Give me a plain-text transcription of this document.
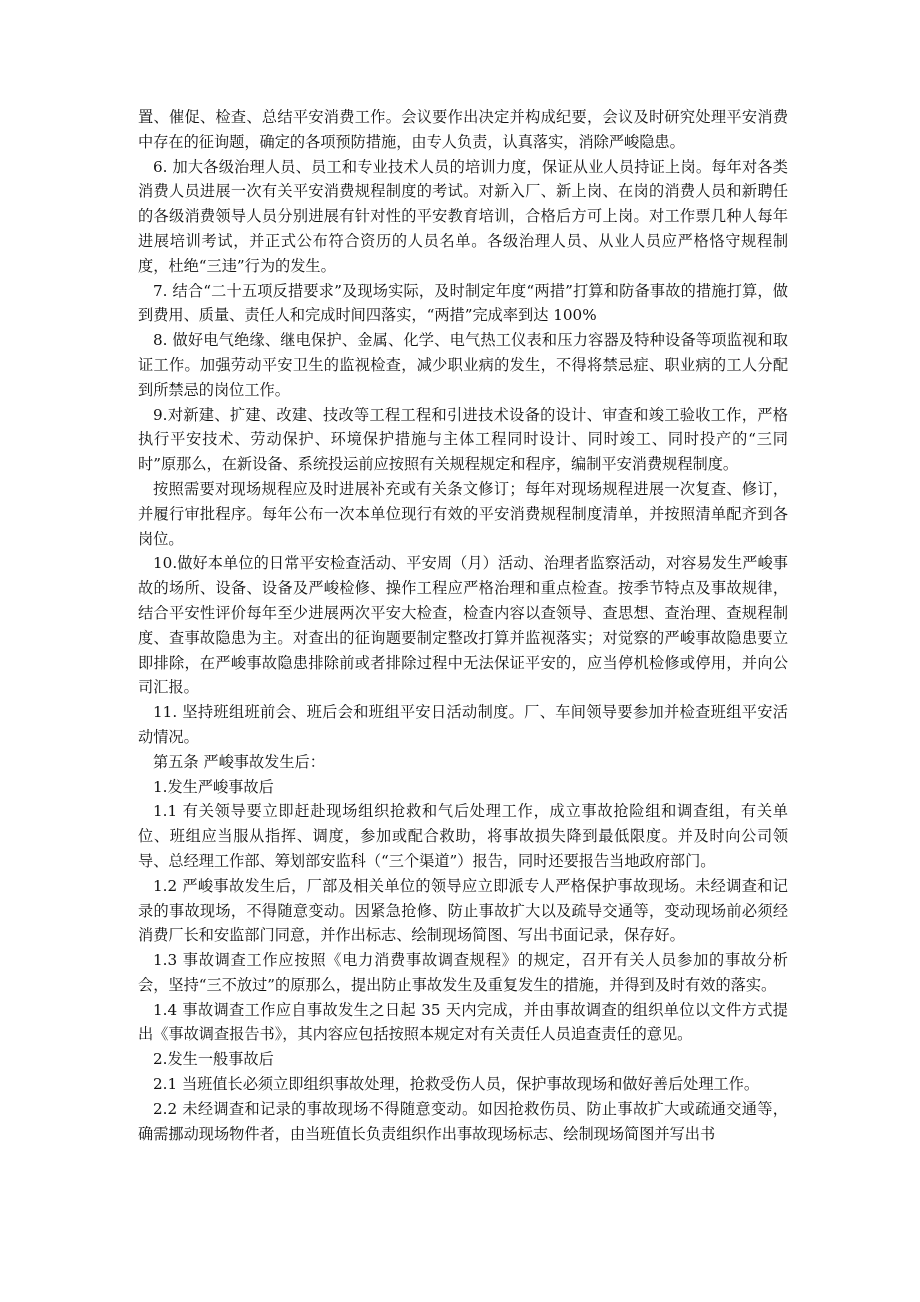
置、催促、检查、总结平安消费工作。会议要作出决定并构成纪要，会议及时研究处理平安消费中存在的征询题，确定的各项预防措施，由专人负责，认真落实，消除严峻隐患。

6. 加大各级治理人员、员工和专业技术人员的培训力度，保证从业人员持证上岗。每年对各类消费人员进展一次有关平安消费规程制度的考试。对新入厂、新上岗、在岗的消费人员和新聘任的各级消费领导人员分别进展有针对性的平安教育培训，合格后方可上岗。对工作票几种人每年进展培训考试，并正式公布符合资历的人员名单。各级治理人员、从业人员应严格恪守规程制度，杜绝“三违”行为的发生。

7. 结合“二十五项反措要求”及现场实际，及时制定年度“两措”打算和防备事故的措施打算，做到费用、质量、责任人和完成时间四落实，“两措”完成率到达 100%

8. 做好电气绝缘、继电保护、金属、化学、电气热工仪表和压力容器及特种设备等项监视和取证工作。加强劳动平安卫生的监视检查，减少职业病的发生，不得将禁忌症、职业病的工人分配到所禁忌的岗位工作。

9.对新建、扩建、改建、技改等工程工程和引进技术设备的设计、审查和竣工验收工作，严格执行平安技术、劳动保护、环境保护措施与主体工程同时设计、同时竣工、同时投产的“三同时”原那么，在新设备、系统投运前应按照有关规程规定和程序，编制平安消费规程制度。

按照需要对现场规程应及时进展补充或有关条文修订；每年对现场规程进展一次复查、修订，并履行审批程序。每年公布一次本单位现行有效的平安消费规程制度清单，并按照清单配齐到各岗位。

10.做好本单位的日常平安检查活动、平安周（月）活动、治理者监察活动，对容易发生严峻事故的场所、设备、设备及严峻检修、操作工程应严格治理和重点检查。按季节特点及事故规律，结合平安性评价每年至少进展两次平安大检查，检查内容以查领导、查思想、查治理、查规程制度、查事故隐患为主。对查出的征询题要制定整改打算并监视落实；对觉察的严峻事故隐患要立即排除，在严峻事故隐患排除前或者排除过程中无法保证平安的，应当停机检修或停用，并向公司汇报。

11. 坚持班组班前会、班后会和班组平安日活动制度。厂、车间领导要参加并检查班组平安活动情况。

第五条 严峻事故发生后：

1.发生严峻事故后

1.1 有关领导要立即赶赴现场组织抢救和气后处理工作，成立事故抢险组和调查组，有关单位、班组应当服从指挥、调度，参加或配合救助，将事故损失降到最低限度。并及时向公司领导、总经理工作部、筹划部安监科（“三个渠道”）报告，同时还要报告当地政府部门。

1.2 严峻事故发生后，厂部及相关单位的领导应立即派专人严格保护事故现场。未经调查和记录的事故现场，不得随意变动。因紧急抢修、防止事故扩大以及疏导交通等，变动现场前必须经消费厂长和安监部门同意，并作出标志、绘制现场简图、写出书面记录，保存好。

1.3 事故调查工作应按照《电力消费事故调查规程》的规定，召开有关人员参加的事故分析会，坚持“三不放过”的原那么，提出防止事故发生及重复发生的措施，并得到及时有效的落实。

1.4 事故调查工作应自事故发生之日起 35 天内完成，并由事故调查的组织单位以文件方式提出《事故调查报告书》，其内容应包括按照本规定对有关责任人员追查责任的意见。

2.发生一般事故后

2.1 当班值长必须立即组织事故处理，抢救受伤人员，保护事故现场和做好善后处理工作。

2.2 未经调查和记录的事故现场不得随意变动。如因抢救伤员、防止事故扩大或疏通交通等，确需挪动现场物件者，由当班值长负责组织作出事故现场标志、绘制现场简图并写出书
